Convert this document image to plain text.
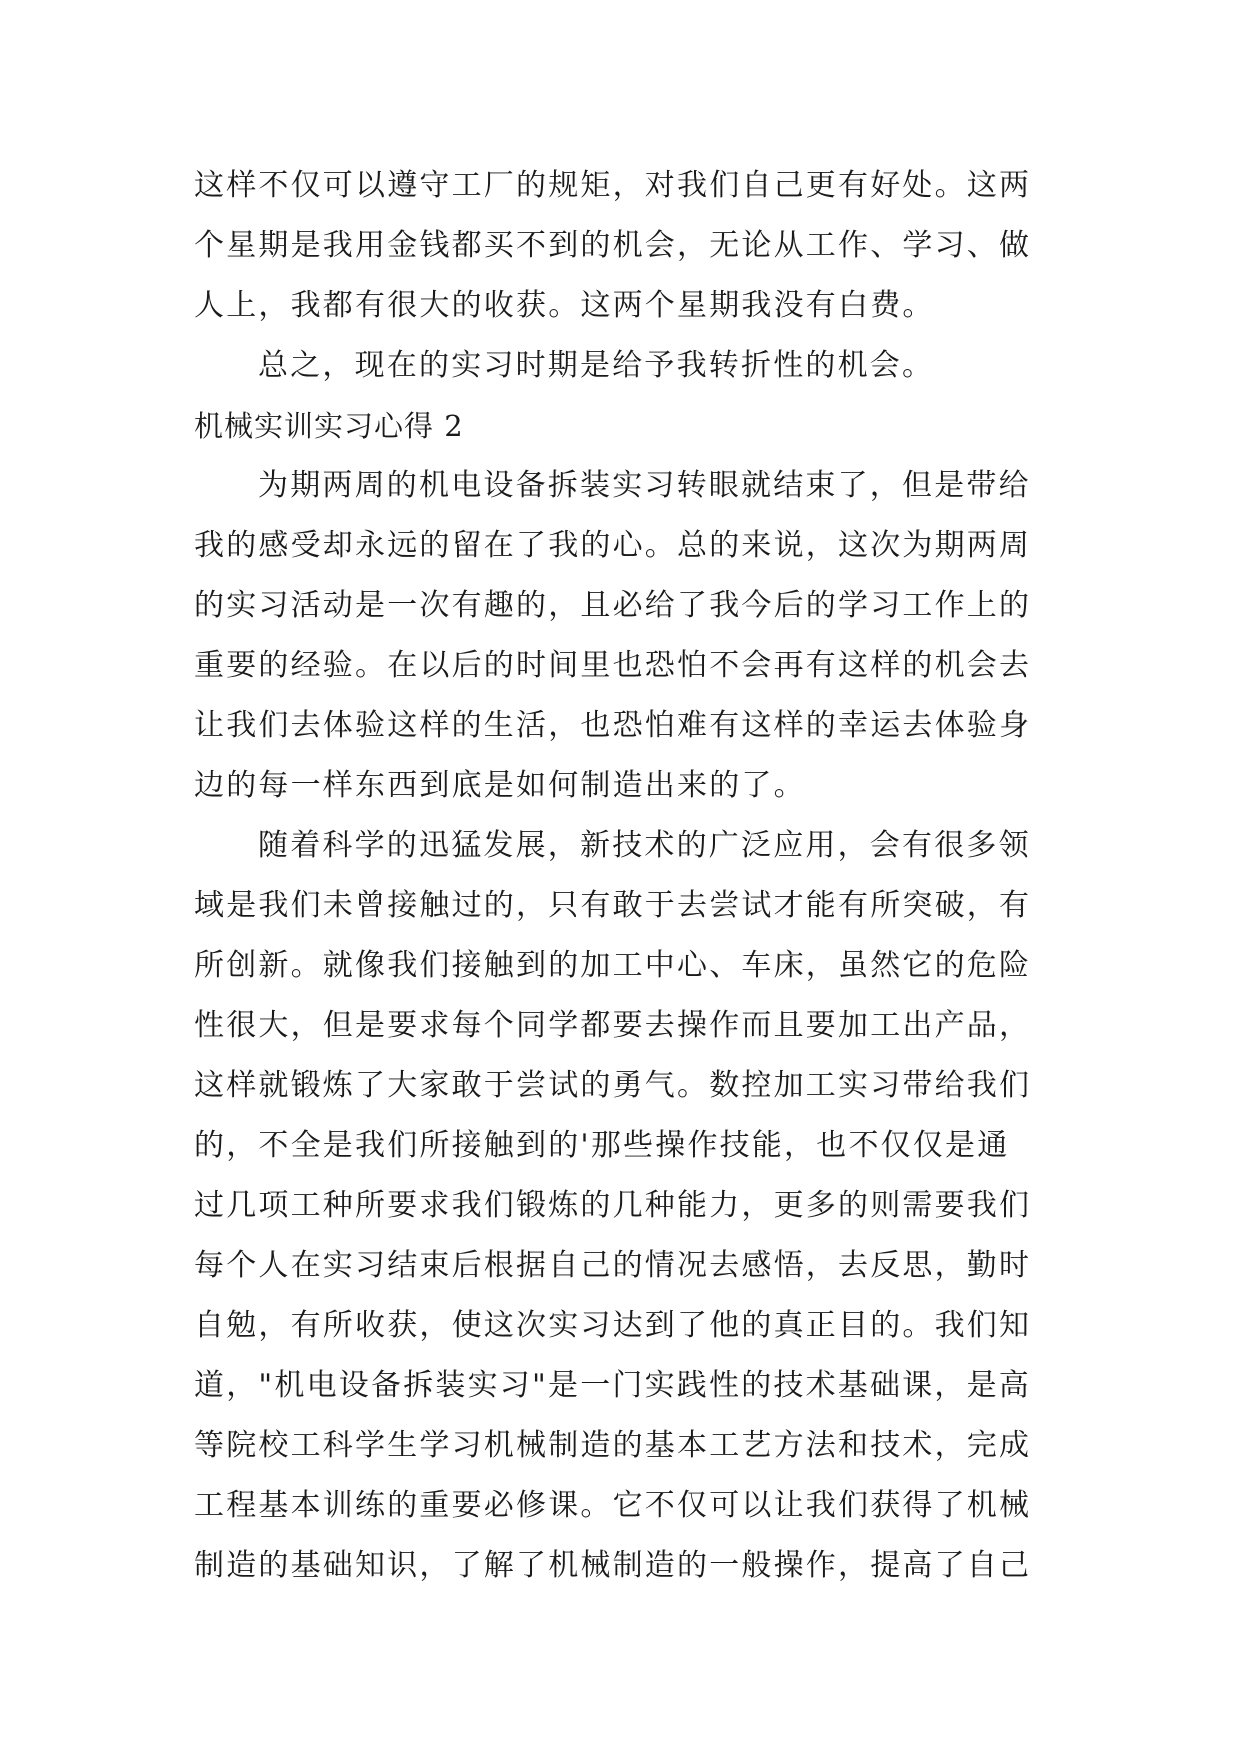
这样不仅可以遵守工厂的规矩，对我们自己更有好处。这两
个星期是我用金钱都买不到的机会，无论从工作、学习、做
人上，我都有很大的收获。这两个星期我没有白费。
总之，现在的实习时期是给予我转折性的机会。
机械实训实习心得 2
为期两周的机电设备拆装实习转眼就结束了，但是带给
我的感受却永远的留在了我的心。总的来说，这次为期两周
的实习活动是一次有趣的，且必给了我今后的学习工作上的
重要的经验。在以后的时间里也恐怕不会再有这样的机会去
让我们去体验这样的生活，也恐怕难有这样的幸运去体验身
边的每一样东西到底是如何制造出来的了。
随着科学的迅猛发展，新技术的广泛应用，会有很多领
域是我们未曾接触过的，只有敢于去尝试才能有所突破，有
所创新。就像我们接触到的加工中心、车床，虽然它的危险
性很大，但是要求每个同学都要去操作而且要加工出产品，
这样就锻炼了大家敢于尝试的勇气。数控加工实习带给我们
的，不全是我们所接触到的'那些操作技能，也不仅仅是通
过几项工种所要求我们锻炼的几种能力，更多的则需要我们
每个人在实习结束后根据自己的情况去感悟，去反思，勤时
自勉，有所收获，使这次实习达到了他的真正目的。我们知
道，"机电设备拆装实习"是一门实践性的技术基础课，是高
等院校工科学生学习机械制造的基本工艺方法和技术，完成
工程基本训练的重要必修课。它不仅可以让我们获得了机械
制造的基础知识，了解了机械制造的一般操作，提高了自己
